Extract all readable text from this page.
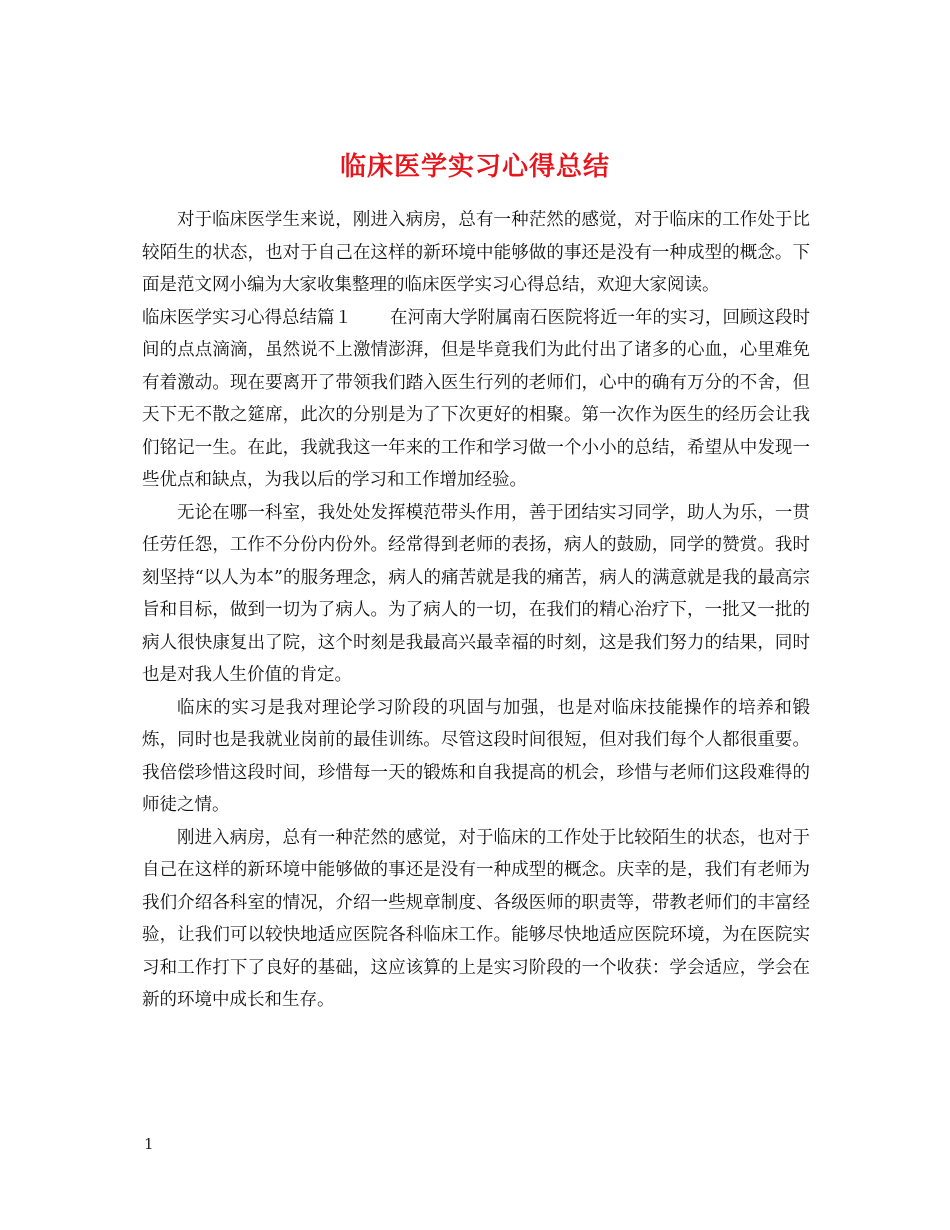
临床医学实习心得总结

对于临床医学生来说，刚进入病房，总有一种茫然的感觉，对于临床的工作处于比较陌生的状态，也对于自己在这样的新环境中能够做的事还是没有一种成型的概念。下面是范文网小编为大家收集整理的临床医学实习心得总结，欢迎大家阅读。

临床医学实习心得总结篇１ 在河南大学附属南石医院将近一年的实习，回顾这段时间的点点滴滴，虽然说不上激情澎湃，但是毕竟我们为此付出了诸多的心血，心里难免有着激动。现在要离开了带领我们踏入医生行列的老师们，心中的确有万分的不舍，但天下无不散之筵席，此次的分别是为了下次更好的相聚。第一次作为医生的经历会让我们铭记一生。在此，我就我这一年来的工作和学习做一个小小的总结，希望从中发现一些优点和缺点，为我以后的学习和工作增加经验。

无论在哪一科室，我处处发挥模范带头作用，善于团结实习同学，助人为乐，一贯任劳任怨，工作不分份内份外。经常得到老师的表扬，病人的鼓励，同学的赞赏。我时刻坚持“以人为本”的服务理念，病人的痛苦就是我的痛苦，病人的满意就是我的最高宗旨和目标，做到一切为了病人。为了病人的一切，在我们的精心治疗下，一批又一批的病人很快康复出了院，这个时刻是我最高兴最幸福的时刻，这是我们努力的结果，同时也是对我人生价值的肯定。

临床的实习是我对理论学习阶段的巩固与加强，也是对临床技能操作的培养和锻炼，同时也是我就业岗前的最佳训练。尽管这段时间很短，但对我们每个人都很重要。我倍偿珍惜这段时间，珍惜每一天的锻炼和自我提高的机会，珍惜与老师们这段难得的师徒之情。

刚进入病房，总有一种茫然的感觉，对于临床的工作处于比较陌生的状态，也对于自己在这样的新环境中能够做的事还是没有一种成型的概念。庆幸的是，我们有老师为我们介绍各科室的情况，介绍一些规章制度、各级医师的职责等，带教老师们的丰富经验，让我们可以较快地适应医院各科临床工作。能够尽快地适应医院环境，为在医院实习和工作打下了良好的基础，这应该算的上是实习阶段的一个收获：学会适应，学会在新的环境中成长和生存。

1
